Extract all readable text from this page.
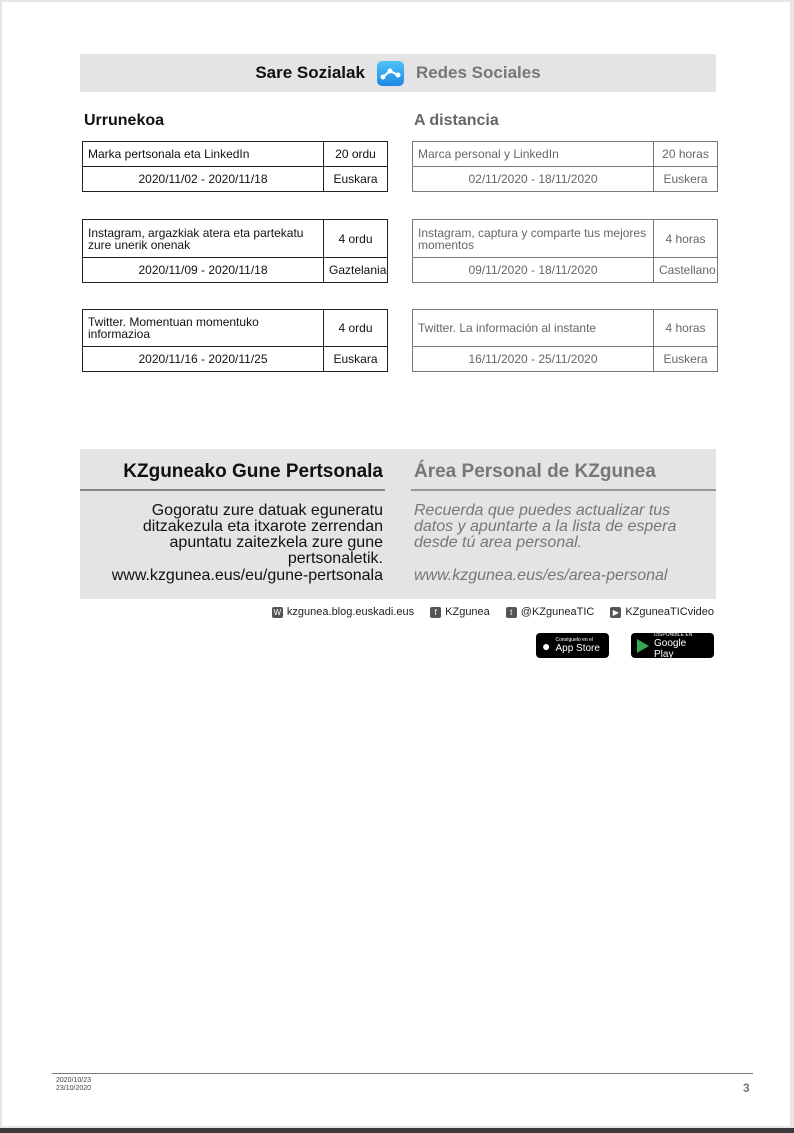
Sare Sozialak	Redes Sociales
Urrunekoa	A distancia
Marka pertsonala eta LinkedIn	20 ordu
2020/11/02 - 2020/11/18	Euskara
Instagram, argazkiak atera eta partekatu zure unerik onenak	4 ordu
2020/11/09 - 2020/11/18	Gaztelania
Twitter. Momentuan momentuko informazioa	4 ordu
2020/11/16 - 2020/11/25	Euskara
Marca personal y LinkedIn	20 horas
02/11/2020 - 18/11/2020	Euskera
Instagram, captura y comparte tus mejores momentos	4 horas
09/11/2020 - 18/11/2020	Castellano
Twitter. La información al instante	4 horas
16/11/2020 - 25/11/2020	Euskera
KZguneako Gune Pertsonala Área Personal de KZgunea
Gogoratu zure datuak eguneratu ditzakezula eta itxarote zerrendan apuntatu zaitezkela zure gune pertsonaletik.
www.kzgunea.eus/eu/gune-pertsonala
Recuerda que puedes actualizar tus datos y apuntarte a la lista de espera desde tú area personal.
www.kzgunea.eus/es/area-personal
W kzgunea.blog.euskadi.eus	f KZgunea	t @KZguneaTIC	▶ KZguneaTICvideo
● Consíguelo en el
App Store
DISPONIBLE EN
Google Play
2020/10/23
23/10/2020	3
